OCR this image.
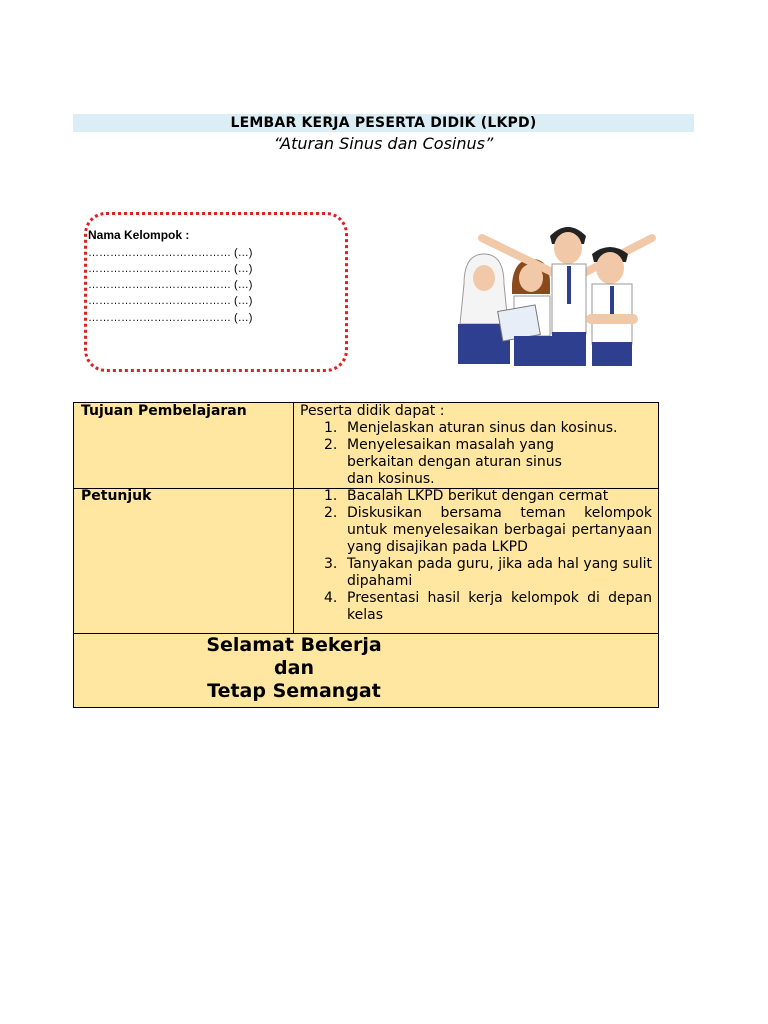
LEMBAR KERJA PESERTA DIDIK (LKPD)
“Aturan Sinus dan Cosinus”
Nama Kelompok :
………………………………… (…)
………………………………… (…)
………………………………… (…)
………………………………… (…)
………………………………… (…)
Tujuan Pembelajaran	Peserta didik dapat :
1. Menjelaskan aturan sinus dan kosinus.
2. Menyelesaikan masalah yang berkaitan dengan aturan sinus dan kosinus.
Petunjuk	1. Bacalah LKPD berikut dengan cermat
2. Diskusikan bersama teman kelompok untuk menyelesaikan berbagai pertanyaan yang disajikan pada LKPD
3. Tanyakan pada guru, jika ada hal yang sulit dipahami
4. Presentasi hasil kerja kelompok di depan kelas
Selamat Bekerja
dan
Tetap Semangat
